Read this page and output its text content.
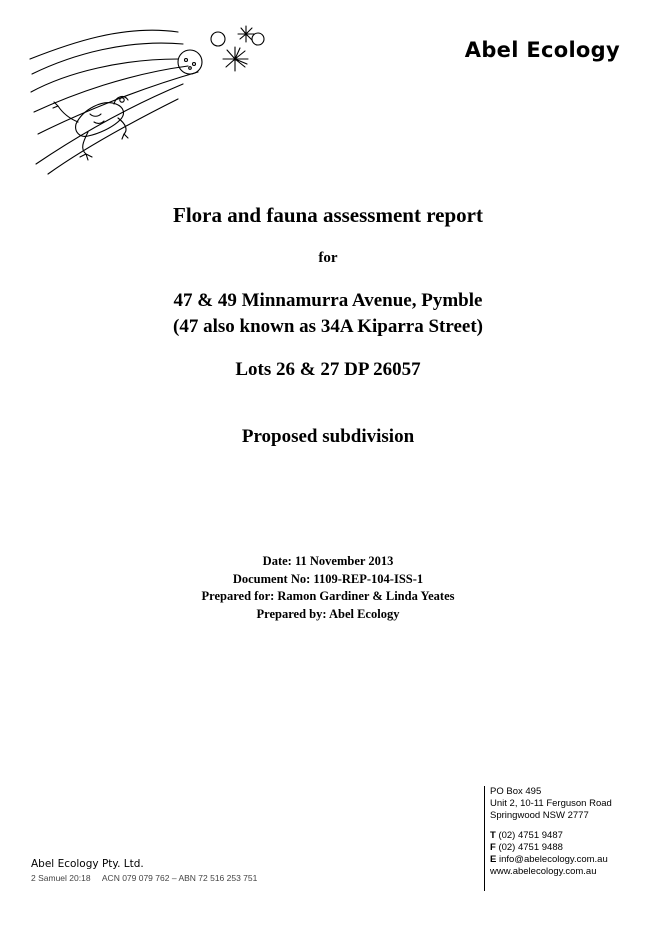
Abel Ecology
Flora and fauna assessment report
for
47 & 49 Minnamurra Avenue, Pymble
(47 also known as 34A Kiparra Street)
Lots 26 & 27 DP 26057
Proposed subdivision
Date: 11 November 2013
Document No: 1109-REP-104-ISS-1
Prepared for: Ramon Gardiner & Linda Yeates
Prepared by: Abel Ecology
PO Box 495
Unit 2, 10-11 Ferguson Road
Springwood NSW 2777
T (02) 4751 9487
F (02) 4751 9488
E info@abelecology.com.au
www.abelecology.com.au
Abel Ecology Pty. Ltd.
2 Samuel 20:18     ACN 079 079 762 – ABN 72 516 253 751
